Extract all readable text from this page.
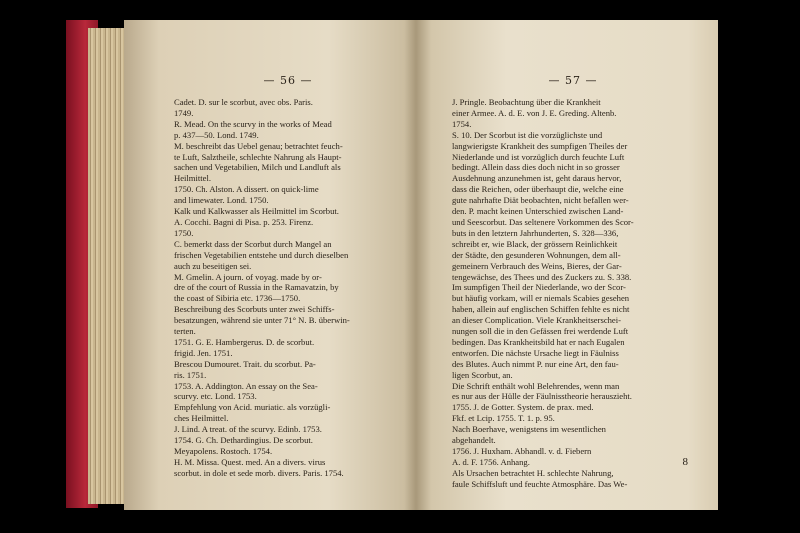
— 56 —
Cadet. D. sur le scorbut, avec obs. Paris.
1749.
R. Mead. On the scurvy in the works of Mead
p. 437—50. Lond. 1749.
M. beschreibt das Uebel genau; betrachtet feuch-
te Luft, Salztheile, schlechte Nahrung als Haupt-
sachen und Vegetabilien, Milch und Landluft als
Heilmittel.
1750. Ch. Alston. A dissert. on quick-lime
and limewater. Lond. 1750.
Kalk und Kalkwasser als Heilmittel im Scorbut.
A. Cocchi. Bagni di Pisa. p. 253. Firenz.
1750.
C. bemerkt dass der Scorbut durch Mangel an
frischen Vegetabilien entstehe und durch dieselben
auch zu beseitigen sei.
M. Gmelin. A journ. of voyag. made by or-
dre of the court of Russia in the Ramavatzin, by
the coast of Sibiria etc. 1736—1750.
Beschreibung des Scorbuts unter zwei Schiffs-
besatzungen, während sie unter 71° N. B. überwin-
terten.
1751. G. E. Hambergerus. D. de scorbut.
frigid. Jen. 1751.
Brescou Dumouret. Trait. du scorbut. Pa-
ris. 1751.
1753. A. Addington. An essay on the Sea-
scurvy. etc. Lond. 1753.
Empfehlung von Acid. muriatic. als vorzügli-
ches Heilmittel.
J. Lind. A treat. of the scurvy. Edinb. 1753.
1754. G. Ch. Dethardingius. De scorbut.
Meyapolens. Rostoch. 1754.
H. M. Missa. Quest. med. An a divers. virus
scorbut. in dole et sede morb. divers. Paris. 1754.
— 57 —
J. Pringle. Beobachtung über die Krankheit
einer Armee. A. d. E. von J. E. Greding. Altenb.
1754.
S. 10. Der Scorbut ist die vorzüglichste und
langwierigste Krankheit des sumpfigen Theiles der
Niederlande und ist vorzüglich durch feuchte Luft
bedingt. Allein dass dies doch nicht in so grosser
Ausdehnung anzunehmen ist, geht daraus hervor,
dass die Reichen, oder überhaupt die, welche eine
gute nahrhafte Diät beobachten, nicht befallen wer-
den. P. macht keinen Unterschied zwischen Land-
und Seescorbut. Das seltenere Vorkommen des Scor-
buts in den letztern Jahrhunderten, S. 328—336,
schreibt er, wie Black, der grössern Reinlichkeit
der Städte, den gesunderen Wohnungen, dem all-
gemeinern Verbrauch des Weins, Bieres, der Gar-
tengewächse, des Thees und des Zuckers zu. S. 338.
Im sumpfigen Theil der Niederlande, wo der Scor-
but häufig vorkam, will er niemals Scabies gesehen
haben, allein auf englischen Schiffen fehlte es nicht
an dieser Complication. Viele Krankheitserschei-
nungen soll die in den Gefässen frei werdende Luft
bedingen. Das Krankheitsbild hat er nach Eugalen
entworfen. Die nächste Ursache liegt in Fäulniss
des Blutes. Auch nimmt P. nur eine Art, den fau-
ligen Scorbut, an.
Die Schrift enthält wohl Belehrendes, wenn man
es nur aus der Hülle der Fäulnisstheorie herauszieht.
1755. J. de Gotter. System. de prax. med.
Fkf. et Lcip. 1755. T. 1. p. 95.
Nach Boerhave, wenigstens im wesentlichen
abgehandelt.
1756. J. Huxham. Abhandl. v. d. Fiebern
A. d. F. 1756. Anhang.
Als Ursachen betrachtet H. schlechte Nahrung,
faule Schiffsluft und feuchte Atmosphäre. Das We-
8
